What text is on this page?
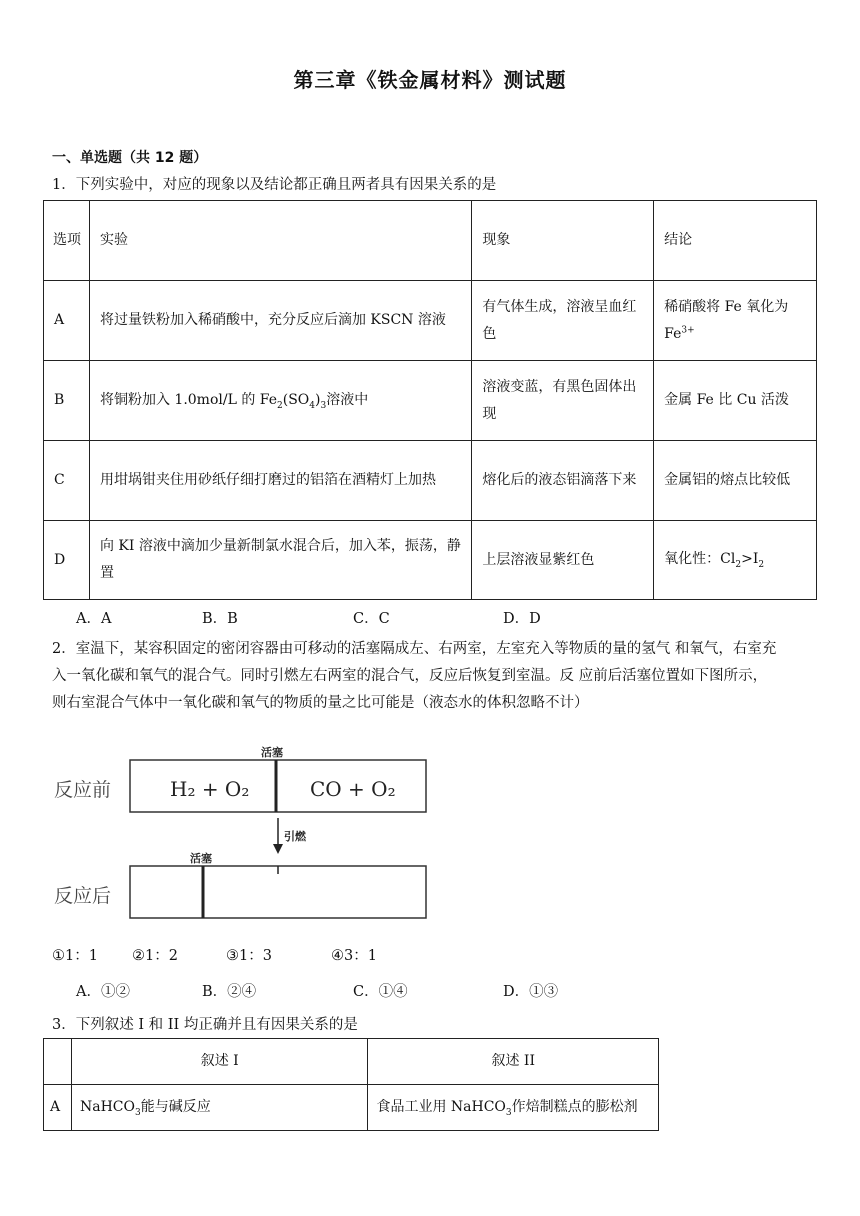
第三章《铁金属材料》测试题
一、单选题（共 12 题）
1．下列实验中，对应的现象以及结论都正确且两者具有因果关系的是
选项	实验	现象	结论
A	将过量铁粉加入稀硝酸中，充分反应后滴加 KSCN 溶液	有气体生成，溶液呈血红色	稀硝酸将 Fe 氧化为 $Fe^{3+}$
B	将铜粉加入 1.0mol/L 的 $Fe_2(SO_4)_3$溶液中	溶液变蓝，有黑色固体出现	金属 Fe 比 Cu 活泼
C	用坩埚钳夹住用砂纸仔细打磨过的铝箔在酒精灯上加热	熔化后的液态铝滴落下来	金属铝的熔点比较低
D	向 KI 溶液中滴加少量新制氯水混合后，加入苯，振荡，静置	上层溶液显紫红色	氧化性：$Cl_2>I_2$
A．A	B．B	C．C	D．D
2．室温下，某容积固定的密闭容器由可移动的活塞隔成左、右两室，左室充入等物质的量的氢气 和氧气，右室充
入一氧化碳和氧气的混合气。同时引燃左右两室的混合气，反应后恢复到室温。反 应前后活塞位置如下图所示，
则右室混合气体中一氧化碳和氧气的物质的量之比可能是（液态水的体积忽略不计）
反应前
活塞
H₂ + O₂	CO + O₂
引燃
活塞
反应后
①1：1 ②1：2	③1：3	④3：1
A．①②	B．②④	C．①④	D．①③
3．下列叙述 I 和 II 均正确并且有因果关系的是
	叙述 I	叙述 II
A	NaHCO$_3$能与碱反应	食品工业用 NaHCO$_3$作焙制糕点的膨松剂
